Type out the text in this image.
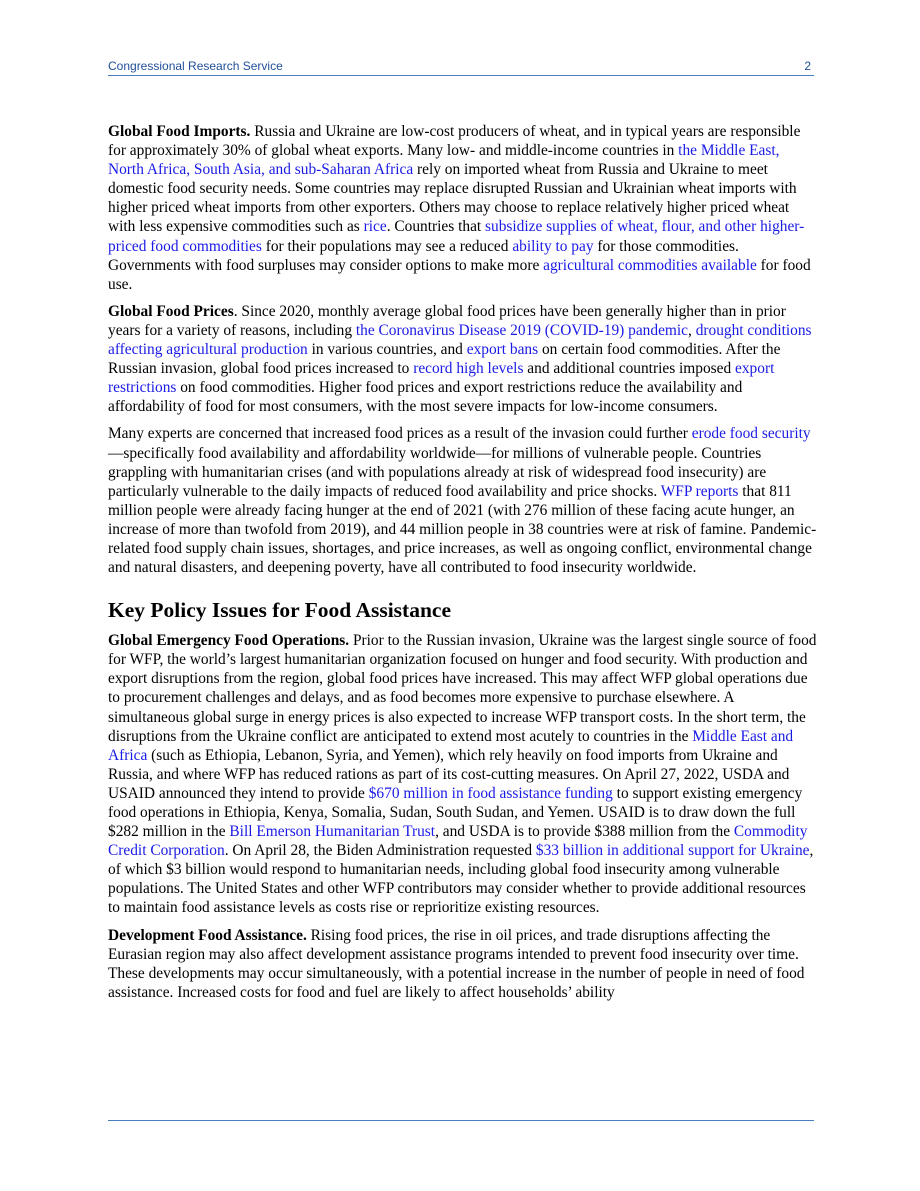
Congressional Research Service	2

Global Food Imports. Russia and Ukraine are low-cost producers of wheat, and in typical years are responsible for approximately 30% of global wheat exports. Many low- and middle-income countries in the Middle East, North Africa, South Asia, and sub-Saharan Africa rely on imported wheat from Russia and Ukraine to meet domestic food security needs. Some countries may replace disrupted Russian and Ukrainian wheat imports with higher priced wheat imports from other exporters. Others may choose to replace relatively higher priced wheat with less expensive commodities such as rice. Countries that subsidize supplies of wheat, flour, and other higher-priced food commodities for their populations may see a reduced ability to pay for those commodities. Governments with food surpluses may consider options to make more agricultural commodities available for food use.

Global Food Prices. Since 2020, monthly average global food prices have been generally higher than in prior years for a variety of reasons, including the Coronavirus Disease 2019 (COVID-19) pandemic, drought conditions affecting agricultural production in various countries, and export bans on certain food commodities. After the Russian invasion, global food prices increased to record high levels and additional countries imposed export restrictions on food commodities. Higher food prices and export restrictions reduce the availability and affordability of food for most consumers, with the most severe impacts for low-income consumers.

Many experts are concerned that increased food prices as a result of the invasion could further erode food security—specifically food availability and affordability worldwide—for millions of vulnerable people. Countries grappling with humanitarian crises (and with populations already at risk of widespread food insecurity) are particularly vulnerable to the daily impacts of reduced food availability and price shocks. WFP reports that 811 million people were already facing hunger at the end of 2021 (with 276 million of these facing acute hunger, an increase of more than twofold from 2019), and 44 million people in 38 countries were at risk of famine. Pandemic-related food supply chain issues, shortages, and price increases, as well as ongoing conflict, environmental change and natural disasters, and deepening poverty, have all contributed to food insecurity worldwide.

Key Policy Issues for Food Assistance

Global Emergency Food Operations. Prior to the Russian invasion, Ukraine was the largest single source of food for WFP, the world’s largest humanitarian organization focused on hunger and food security. With production and export disruptions from the region, global food prices have increased. This may affect WFP global operations due to procurement challenges and delays, and as food becomes more expensive to purchase elsewhere. A simultaneous global surge in energy prices is also expected to increase WFP transport costs. In the short term, the disruptions from the Ukraine conflict are anticipated to extend most acutely to countries in the Middle East and Africa (such as Ethiopia, Lebanon, Syria, and Yemen), which rely heavily on food imports from Ukraine and Russia, and where WFP has reduced rations as part of its cost-cutting measures. On April 27, 2022, USDA and USAID announced they intend to provide $670 million in food assistance funding to support existing emergency food operations in Ethiopia, Kenya, Somalia, Sudan, South Sudan, and Yemen. USAID is to draw down the full $282 million in the Bill Emerson Humanitarian Trust, and USDA is to provide $388 million from the Commodity Credit Corporation. On April 28, the Biden Administration requested $33 billion in additional support for Ukraine, of which $3 billion would respond to humanitarian needs, including global food insecurity among vulnerable populations. The United States and other WFP contributors may consider whether to provide additional resources to maintain food assistance levels as costs rise or reprioritize existing resources.

Development Food Assistance. Rising food prices, the rise in oil prices, and trade disruptions affecting the Eurasian region may also affect development assistance programs intended to prevent food insecurity over time. These developments may occur simultaneously, with a potential increase in the number of people in need of food assistance. Increased costs for food and fuel are likely to affect households’ ability
